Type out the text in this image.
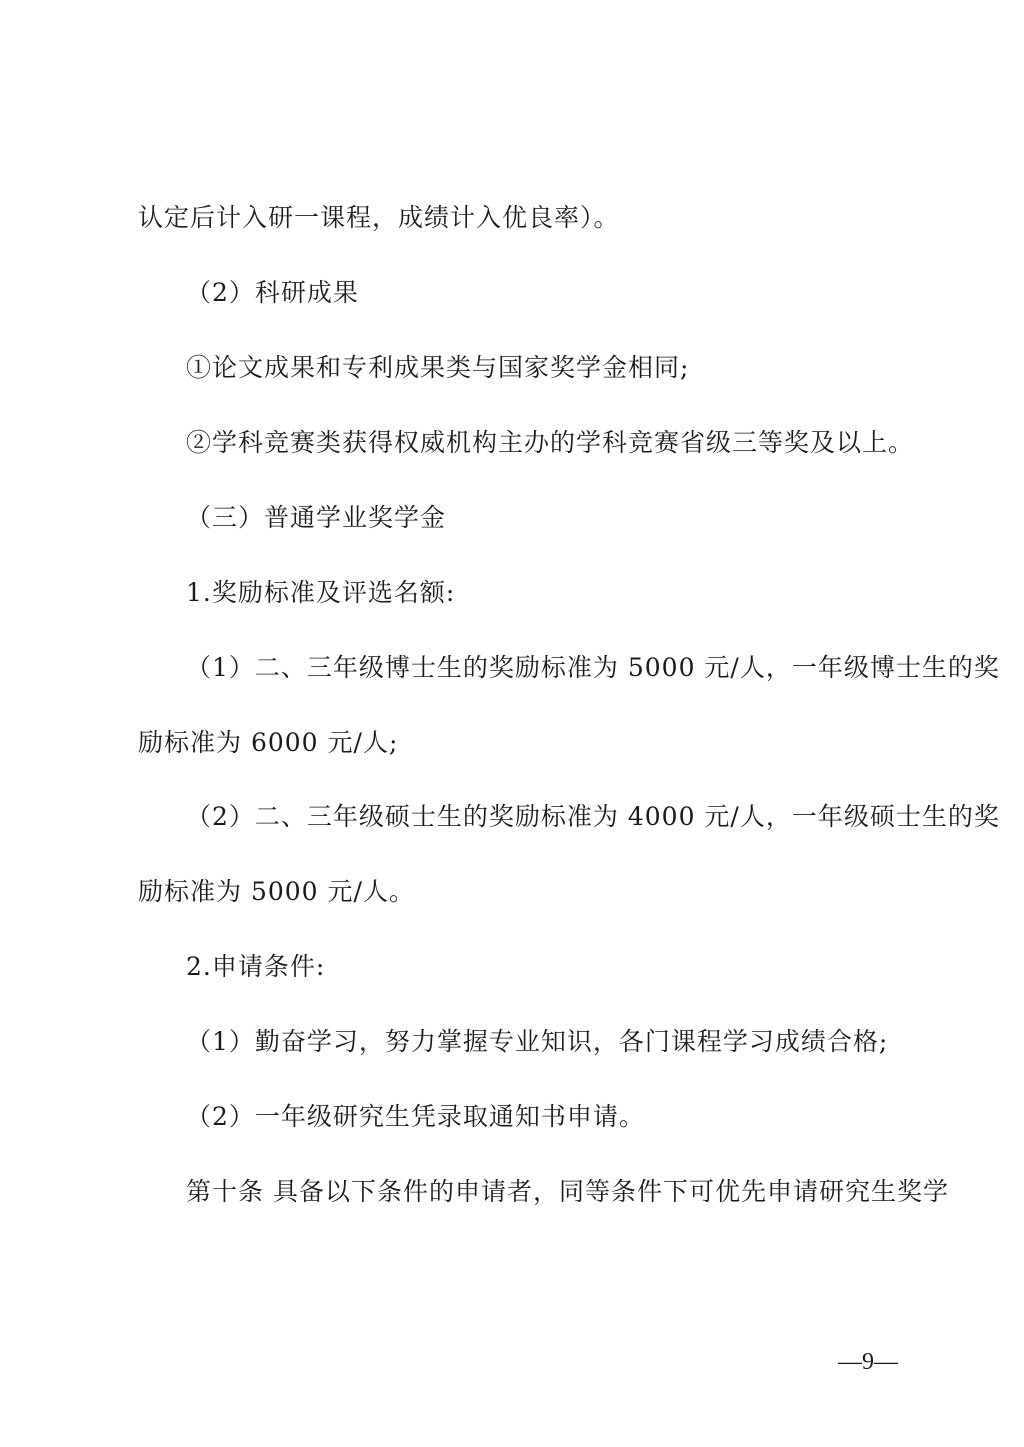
认定后计入研一课程，成绩计入优良率）。
（2）科研成果
①论文成果和专利成果类与国家奖学金相同;
②学科竞赛类获得权威机构主办的学科竞赛省级三等奖及以上。
（三）普通学业奖学金
1.奖励标准及评选名额:
（1）二、三年级博士生的奖励标准为 5000 元/人，一年级博士生的奖
励标准为 6000 元/人;
（2）二、三年级硕士生的奖励标准为 4000 元/人，一年级硕士生的奖
励标准为 5000 元/人。
2.申请条件:
（1）勤奋学习，努力掌握专业知识，各门课程学习成绩合格;
（2）一年级研究生凭录取通知书申请。
第十条 具备以下条件的申请者，同等条件下可优先申请研究生奖学
—9—
